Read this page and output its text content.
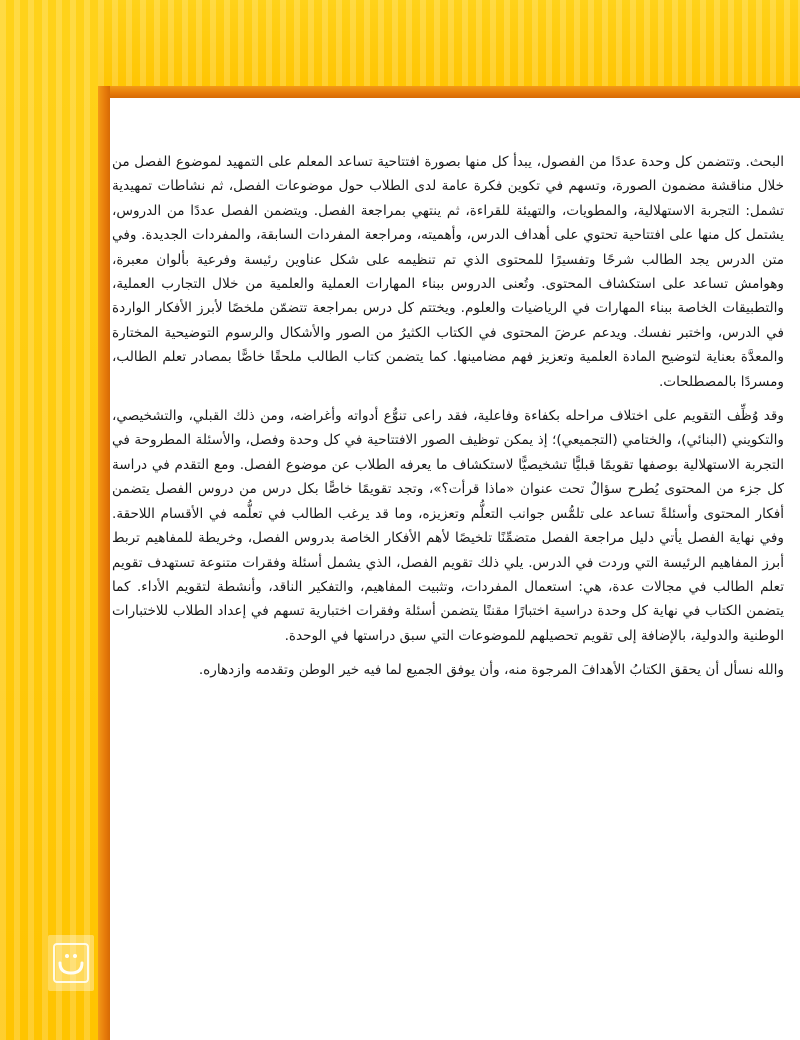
البحث. وتتضمن كل وحدة عددًا من الفصول، يبدأ كل منها بصورة افتتاحية تساعد المعلم على التمهيد لموضوع الفصل من خلال مناقشة مضمون الصورة، وتسهم في تكوين فكرة عامة لدى الطلاب حول موضوعات الفصل، ثم نشاطات تمهيدية تشمل: التجربة الاستهلالية، والمطويات، والتهيئة للقراءة، ثم ينتهي بمراجعة الفصل. ويتضمن الفصل عددًا من الدروس، يشتمل كل منها على افتتاحية تحتوي على أهداف الدرس، وأهميته، ومراجعة المفردات السابقة، والمفردات الجديدة. وفي متن الدرس يجد الطالب شرحًا وتفسيرًا للمحتوى الذي تم تنظيمه على شكل عناوين رئيسة وفرعية بألوان معبرة، وهوامش تساعد على استكشاف المحتوى. وتُعنى الدروس ببناء المهارات العملية والعلمية من خلال التجارب العملية، والتطبيقات الخاصة ببناء المهارات في الرياضيات والعلوم. ويختتم كل درس بمراجعة تتضمّن ملخصًا لأبرز الأفكار الواردة في الدرس، واختبر نفسك. ويدعم عرضَ المحتوى في الكتاب الكثيرُ من الصور والأشكال والرسوم التوضيحية المختارة والمعدَّة بعناية لتوضيح المادة العلمية وتعزيز فهم مضامينها. كما يتضمن كتاب الطالب ملحقًا خاصًّا بمصادر تعلم الطالب، ومسردًا بالمصطلحات.

وقد وُظِّف التقويم على اختلاف مراحله بكفاءة وفاعلية، فقد راعى تنوُّع أدواته وأغراضه، ومن ذلك القبلي، والتشخيصي، والتكويني (البنائي)، والختامي (التجميعي)؛ إذ يمكن توظيف الصور الافتتاحية في كل وحدة وفصل، والأسئلة المطروحة في التجربة الاستهلالية بوصفها تقويمًا قبليًّا تشخيصيًّا لاستكشاف ما يعرفه الطلاب عن موضوع الفصل. ومع التقدم في دراسة كل جزء من المحتوى يُطرح سؤالٌ تحت عنوان «ماذا قرأت؟»، وتجد تقويمًا خاصًّا بكل درس من دروس الفصل يتضمن أفكار المحتوى وأسئلةً تساعد على تلمُّس جوانب التعلُّم وتعزيزه، وما قد يرغب الطالب في تعلُّمه في الأقسام اللاحقة. وفي نهاية الفصل يأتي دليل مراجعة الفصل متضمِّنًا تلخيصًا لأهم الأفكار الخاصة بدروس الفصل، وخريطة للمفاهيم تربط أبرز المفاهيم الرئيسة التي وردت في الدرس. يلي ذلك تقويم الفصل، الذي يشمل أسئلة وفقرات متنوعة تستهدف تقويم تعلم الطالب في مجالات عدة، هي: استعمال المفردات، وتثبيت المفاهيم، والتفكير الناقد، وأنشطة لتقويم الأداء. كما يتضمن الكتاب في نهاية كل وحدة دراسية اختبارًا مقننًا يتضمن أسئلة وفقرات اختبارية تسهم في إعداد الطلاب للاختبارات الوطنية والدولية، بالإضافة إلى تقويم تحصيلهم للموضوعات التي سبق دراستها في الوحدة.

والله نسأل أن يحقق الكتابُ الأهدافَ المرجوة منه، وأن يوفق الجميع لما فيه خير الوطن وتقدمه وازدهاره.
